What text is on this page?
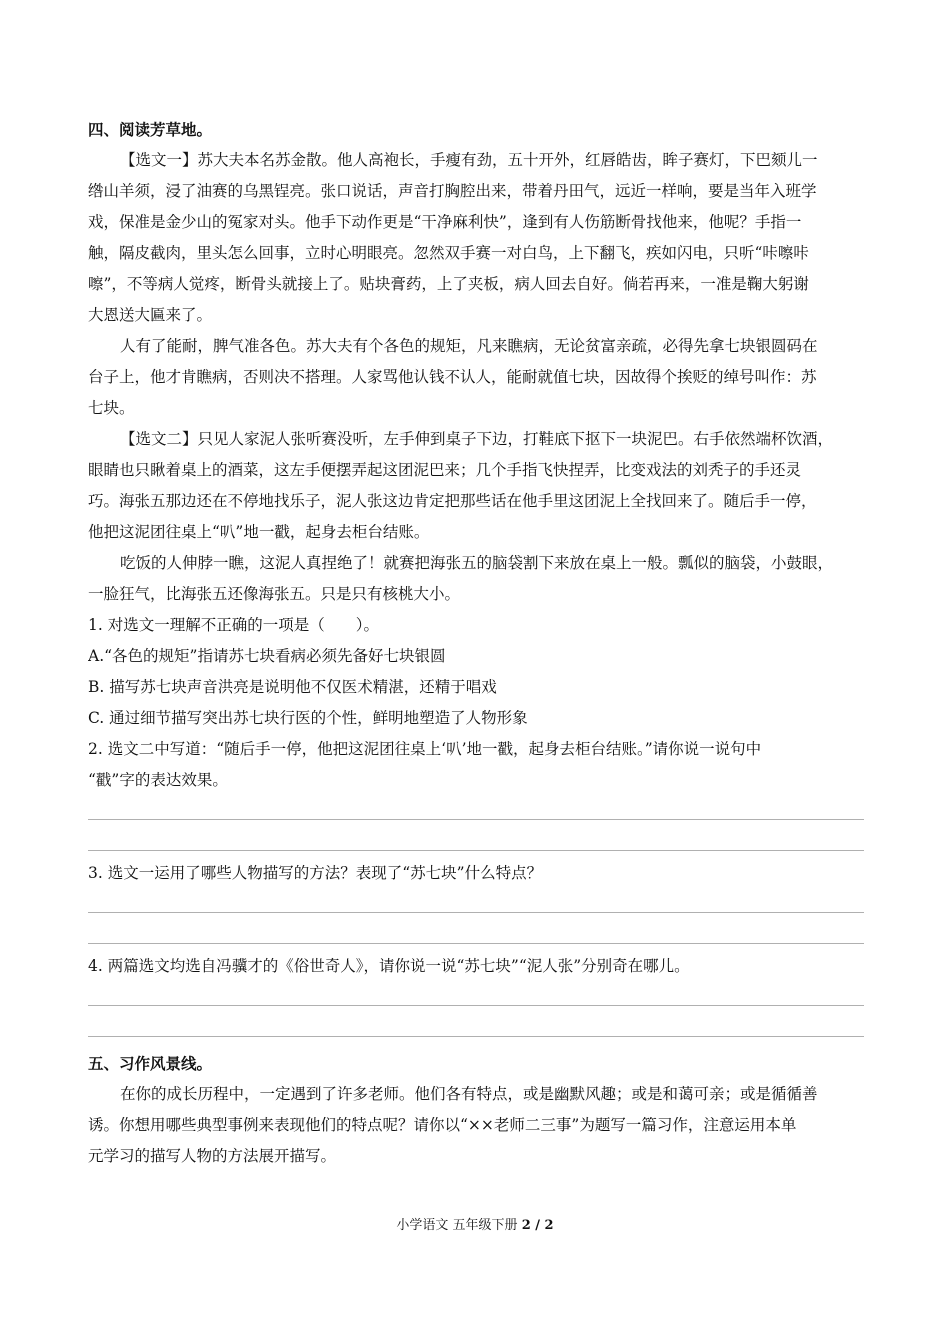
四、阅读芳草地。
【选文一】苏大夫本名苏金散。他人高袍长，手瘦有劲，五十开外，红唇皓齿，眸子赛灯，下巴颏儿一
绺山羊须，浸了油赛的乌黑锃亮。张口说话，声音打胸腔出来，带着丹田气，远近一样响，要是当年入班学
戏，保准是金少山的冤家对头。他手下动作更是“干净麻利快”，逢到有人伤筋断骨找他来，他呢？手指一
触，隔皮截肉，里头怎么回事，立时心明眼亮。忽然双手赛一对白鸟，上下翻飞，疾如闪电，只听“咔嚓咔
嚓”，不等病人觉疼，断骨头就接上了。贴块膏药，上了夹板，病人回去自好。倘若再来，一准是鞠大躬谢
大恩送大匾来了。
人有了能耐，脾气准各色。苏大夫有个各色的规矩，凡来瞧病，无论贫富亲疏，必得先拿七块银圆码在
台子上，他才肯瞧病，否则决不搭理。人家骂他认钱不认人，能耐就值七块，因故得个挨贬的绰号叫作：苏
七块。
【选文二】只见人家泥人张听赛没听，左手伸到桌子下边，打鞋底下抠下一块泥巴。右手依然端杯饮酒，
眼睛也只瞅着桌上的酒菜，这左手便摆弄起这团泥巴来；几个手指飞快捏弄，比变戏法的刘秃子的手还灵
巧。海张五那边还在不停地找乐子，泥人张这边肯定把那些话在他手里这团泥上全找回来了。随后手一停，
他把这泥团往桌上“叭”地一戳，起身去柜台结账。
吃饭的人伸脖一瞧，这泥人真捏绝了！就赛把海张五的脑袋割下来放在桌上一般。瓢似的脑袋，小鼓眼，
一脸狂气，比海张五还像海张五。只是只有核桃大小。
1. 对选文一理解不正确的一项是（　　）。
A.“各色的规矩”指请苏七块看病必须先备好七块银圆
B. 描写苏七块声音洪亮是说明他不仅医术精湛，还精于唱戏
C. 通过细节描写突出苏七块行医的个性，鲜明地塑造了人物形象
2. 选文二中写道：“随后手一停，他把这泥团往桌上‘叭’地一戳，起身去柜台结账。”请你说一说句中
“戳”字的表达效果。
3. 选文一运用了哪些人物描写的方法？表现了“苏七块”什么特点？
4. 两篇选文均选自冯骥才的《俗世奇人》，请你说一说“苏七块”“泥人张”分别奇在哪儿。
五、习作风景线。
在你的成长历程中，一定遇到了许多老师。他们各有特点，或是幽默风趣；或是和蔼可亲；或是循循善
诱。你想用哪些典型事例来表现他们的特点呢？请你以“××老师二三事”为题写一篇习作，注意运用本单
元学习的描写人物的方法展开描写。
小学语文 五年级下册 2 / 2
